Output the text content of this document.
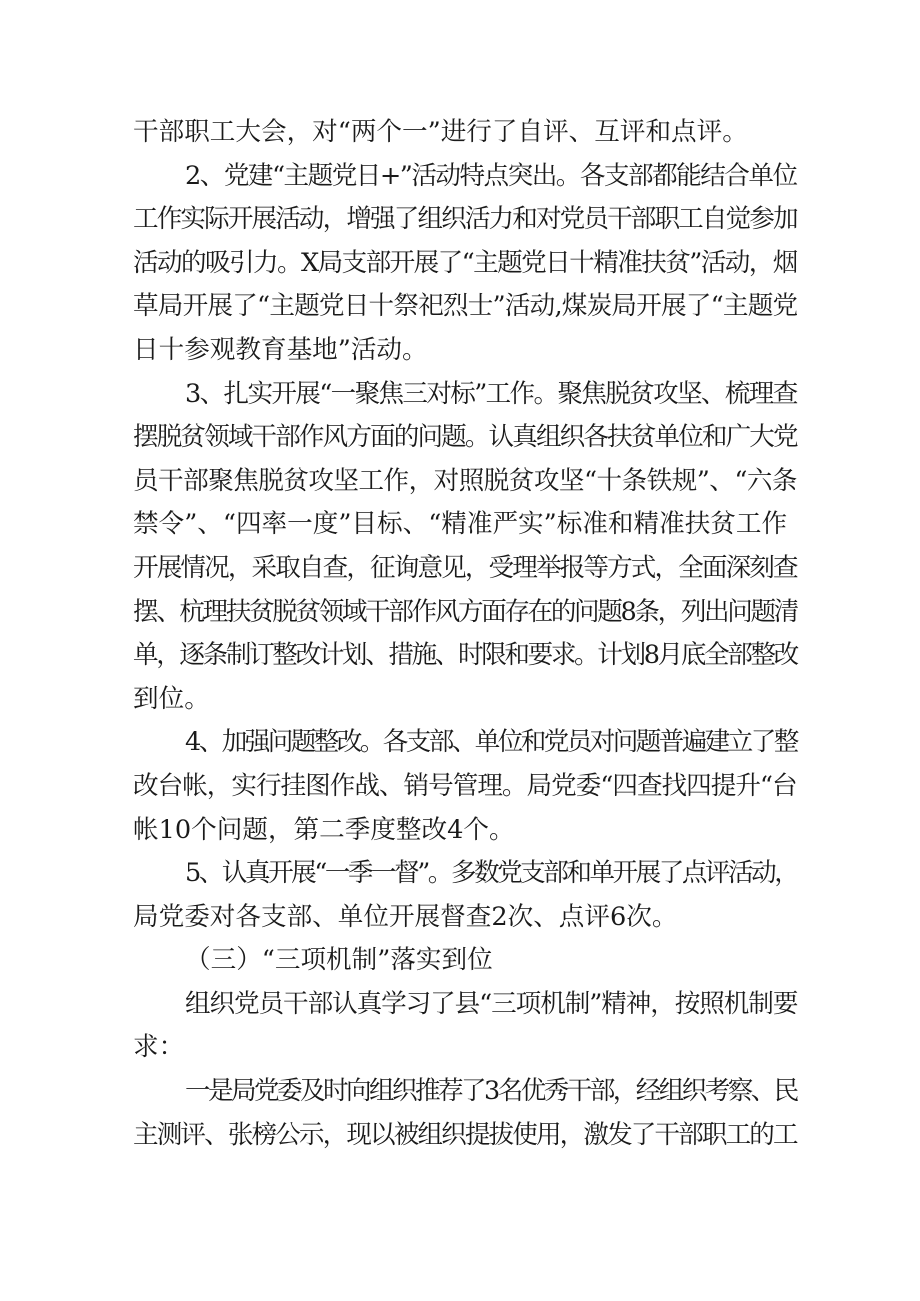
干部职工大会，对“两个一”进行了自评、互评和点评。
2、党建“主题党日+”活动特点突出。各支部都能结合单位
工作实际开展活动，增强了组织活力和对党员干部职工自觉参加
活动的吸引力。X局支部开展了“主题党日十精准扶贫”活动，烟
草局开展了“主题党日十祭祀烈士”活动,煤炭局开展了“主题党
日十参观教育基地”活动。
3、扎实开展“一聚焦三对标”工作。聚焦脱贫攻坚、梳理查
摆脱贫领域干部作风方面的问题。认真组织各扶贫单位和广大党
员干部聚焦脱贫攻坚工作，对照脱贫攻坚“十条铁规”、“六条
禁令”、“四率一度”目标、“精准严实”标准和精准扶贫工作
开展情况，采取自查，征询意见，受理举报等方式，全面深刻查
摆、杭理扶贫脱贫领域干部作风方面存在的问题8条，列出问题清
单，逐条制订整改计划、措施、时限和要求。计划8月底全部整改
到位。
4、加强问题整改。各支部、单位和党员对问题普遍建立了整
改台帐，实行挂图作战、销号管理。局党委“四查找四提升“台
帐10个问题，第二季度整改4个。
5、认真开展“一季一督”。多数党支部和单开展了点评活动，
局党委对各支部、单位开展督查2次、点评6次。
（三）“三项机制”落实到位
组织党员干部认真学习了县“三项机制”精神，按照机制要
求：
一是局党委及时向组织推荐了3名优秀干部，经组织考察、民
主测评、张榜公示，现以被组织提拔使用，激发了干部职工的工
